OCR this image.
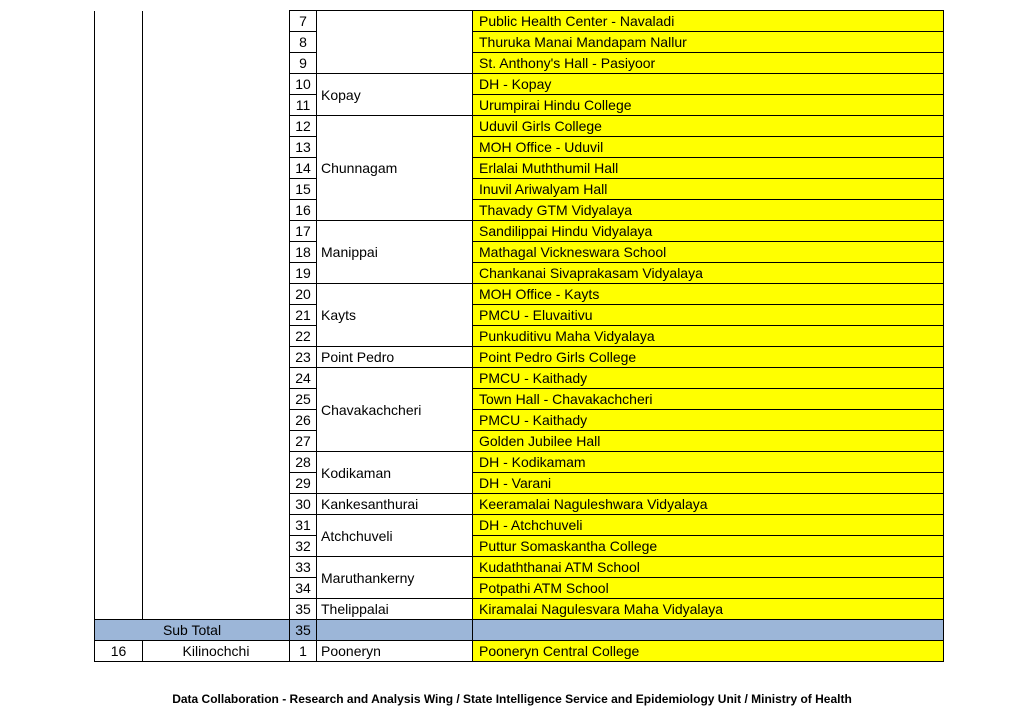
		7		Public Health Center - Navaladi
		8		Thuruka Manai Mandapam Nallur
		9		St. Anthony's Hall - Pasiyoor
		10	Kopay	DH - Kopay
		11		Urumpirai Hindu College
		12	Chunnagam	Uduvil Girls College
		13		MOH Office - Uduvil
		14		Erlalai Muththumil Hall
		15		Inuvil Ariwalyam Hall
		16		Thavady GTM Vidyalaya
		17	Manippai	Sandilippai Hindu Vidyalaya
		18		Mathagal Vickneswara School
		19		Chankanai Sivaprakasam Vidyalaya
		20	Kayts	MOH Office - Kayts
		21		PMCU - Eluvaitivu
		22		Punkuditivu Maha Vidyalaya
		23	Point Pedro	Point Pedro Girls College
		24	Chavakachcheri	PMCU - Kaithady
		25		Town Hall - Chavakachcheri
		26		PMCU - Kaithady
		27		Golden Jubilee Hall
		28	Kodikaman	DH - Kodikamam
		29		DH - Varani
		30	Kankesanthurai	Keeramalai Naguleshwara Vidyalaya
		31	Atchchuveli	DH - Atchchuveli
		32		Puttur Somaskantha College
		33	Maruthankerny	Kudaththanai ATM School
		34		Potpathi ATM School
		35	Thelippalai	Kiramalai Nagulesvara Maha Vidyalaya
Sub Total		35		
16	Kilinochchi	1	Pooneryn	Pooneryn Central College
Data Collaboration - Research and Analysis Wing / State Intelligence Service and Epidemiology Unit / Ministry of Health
